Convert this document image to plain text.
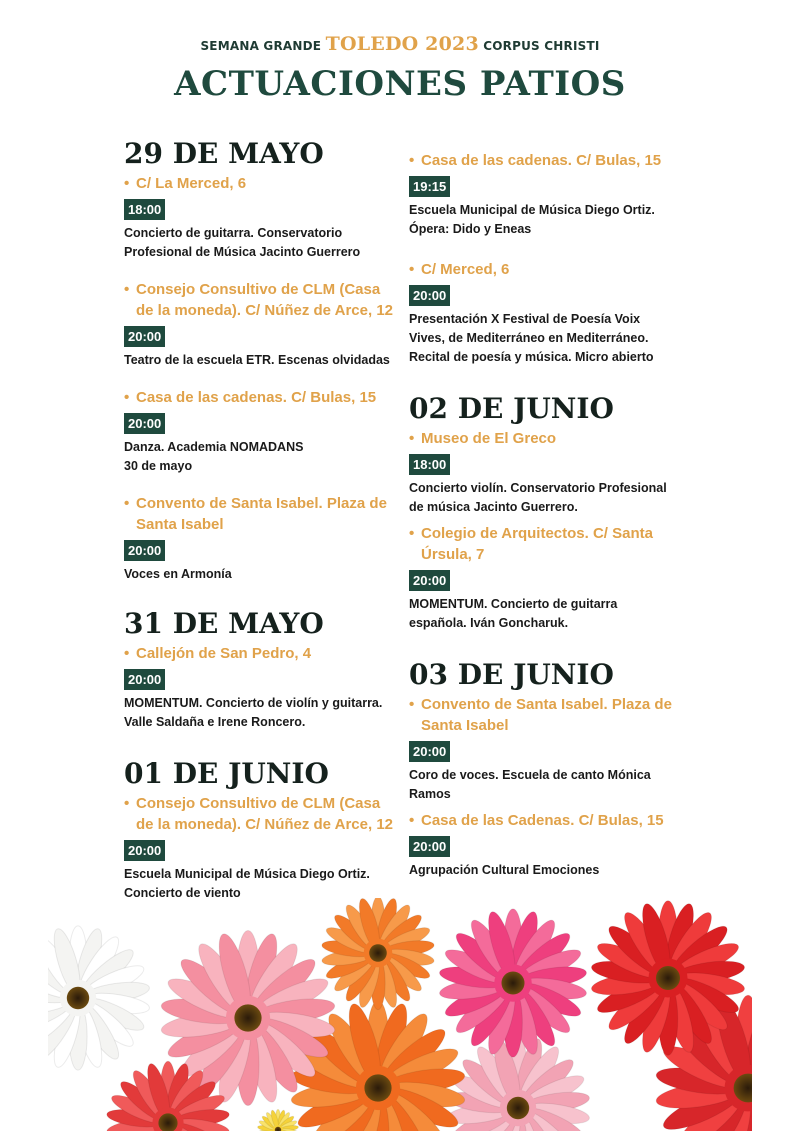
SEMANA GRANDE TOLEDO 2023 CORPUS CHRISTI
ACTUACIONES PATIOS
29 DE MAYO

• C/ La Merced, 6

18:00

Concierto de guitarra. Conservatorio
Profesional de Música Jacinto Guerrero

• Consejo Consultivo de CLM (Casa de la moneda). C/ Núñez de Arce, 12

20:00

Teatro de la escuela ETR. Escenas olvidadas

• Casa de las cadenas. C/ Bulas, 15

20:00

Danza. Academia NOMADANS
30 de mayo

• Convento de Santa Isabel. Plaza de Santa Isabel

20:00

Voces en Armonía

31 DE MAYO

• Callejón de San Pedro, 4

20:00

MOMENTUM. Concierto de violín y guitarra.
Valle Saldaña e Irene Roncero.

01 DE JUNIO

• Consejo Consultivo de CLM (Casa de la moneda). C/ Núñez de Arce, 12

20:00

Escuela Municipal de Música Diego Ortiz.
Concierto de viento

• Casa de las cadenas. C/ Bulas, 15

19:15

Escuela Municipal de Música Diego Ortiz.
Ópera: Dido y Eneas

• C/ Merced, 6

20:00

Presentación X Festival de Poesía Voix
Vives, de Mediterráneo en Mediterráneo.
Recital de poesía y música. Micro abierto

02 DE JUNIO

• Museo de El Greco

18:00

Concierto violín. Conservatorio Profesional
de música Jacinto Guerrero.

• Colegio de Arquitectos. C/ Santa Úrsula, 7

20:00

MOMENTUM. Concierto de guitarra
española. Iván Goncharuk.

03 DE JUNIO

• Convento de Santa Isabel. Plaza de Santa Isabel

20:00

Coro de voces. Escuela de canto Mónica
Ramos

• Casa de las Cadenas. C/ Bulas, 15

20:00

Agrupación Cultural Emociones
